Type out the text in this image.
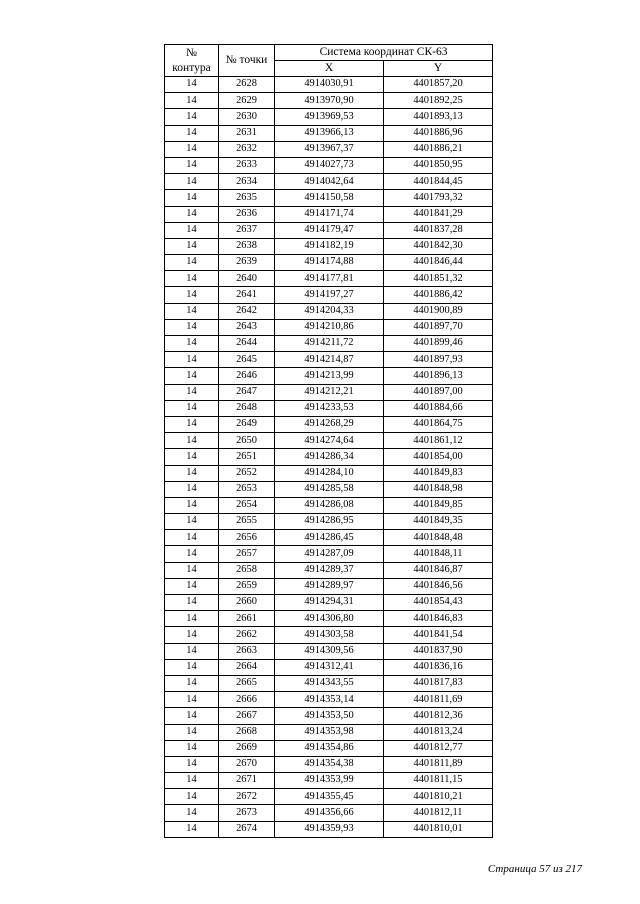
№
контура	№ точки	Система координат СК-63	
		X	Y
14	2628	4914030,91	4401857,20
14	2629	4913970,90	4401892,25
14	2630	4913969,53	4401893,13
14	2631	4913966,13	4401886,96
14	2632	4913967,37	4401886,21
14	2633	4914027,73	4401850,95
14	2634	4914042,64	4401844,45
14	2635	4914150,58	4401793,32
14	2636	4914171,74	4401841,29
14	2637	4914179,47	4401837,28
14	2638	4914182,19	4401842,30
14	2639	4914174,88	4401846,44
14	2640	4914177,81	4401851,32
14	2641	4914197,27	4401886,42
14	2642	4914204,33	4401900,89
14	2643	4914210,86	4401897,70
14	2644	4914211,72	4401899,46
14	2645	4914214,87	4401897,93
14	2646	4914213,99	4401896,13
14	2647	4914212,21	4401897,00
14	2648	4914233,53	4401884,66
14	2649	4914268,29	4401864,75
14	2650	4914274,64	4401861,12
14	2651	4914286,34	4401854,00
14	2652	4914284,10	4401849,83
14	2653	4914285,58	4401848,98
14	2654	4914286,08	4401849,85
14	2655	4914286,95	4401849,35
14	2656	4914286,45	4401848,48
14	2657	4914287,09	4401848,11
14	2658	4914289,37	4401846,87
14	2659	4914289,97	4401846,56
14	2660	4914294,31	4401854,43
14	2661	4914306,80	4401846,83
14	2662	4914303,58	4401841,54
14	2663	4914309,56	4401837,90
14	2664	4914312,41	4401836,16
14	2665	4914343,55	4401817,83
14	2666	4914353,14	4401811,69
14	2667	4914353,50	4401812,36
14	2668	4914353,98	4401813,24
14	2669	4914354,86	4401812,77
14	2670	4914354,38	4401811,89
14	2671	4914353,99	4401811,15
14	2672	4914355,45	4401810,21
14	2673	4914356,66	4401812,11
14	2674	4914359,93	4401810,01
Страница 57 из 217
